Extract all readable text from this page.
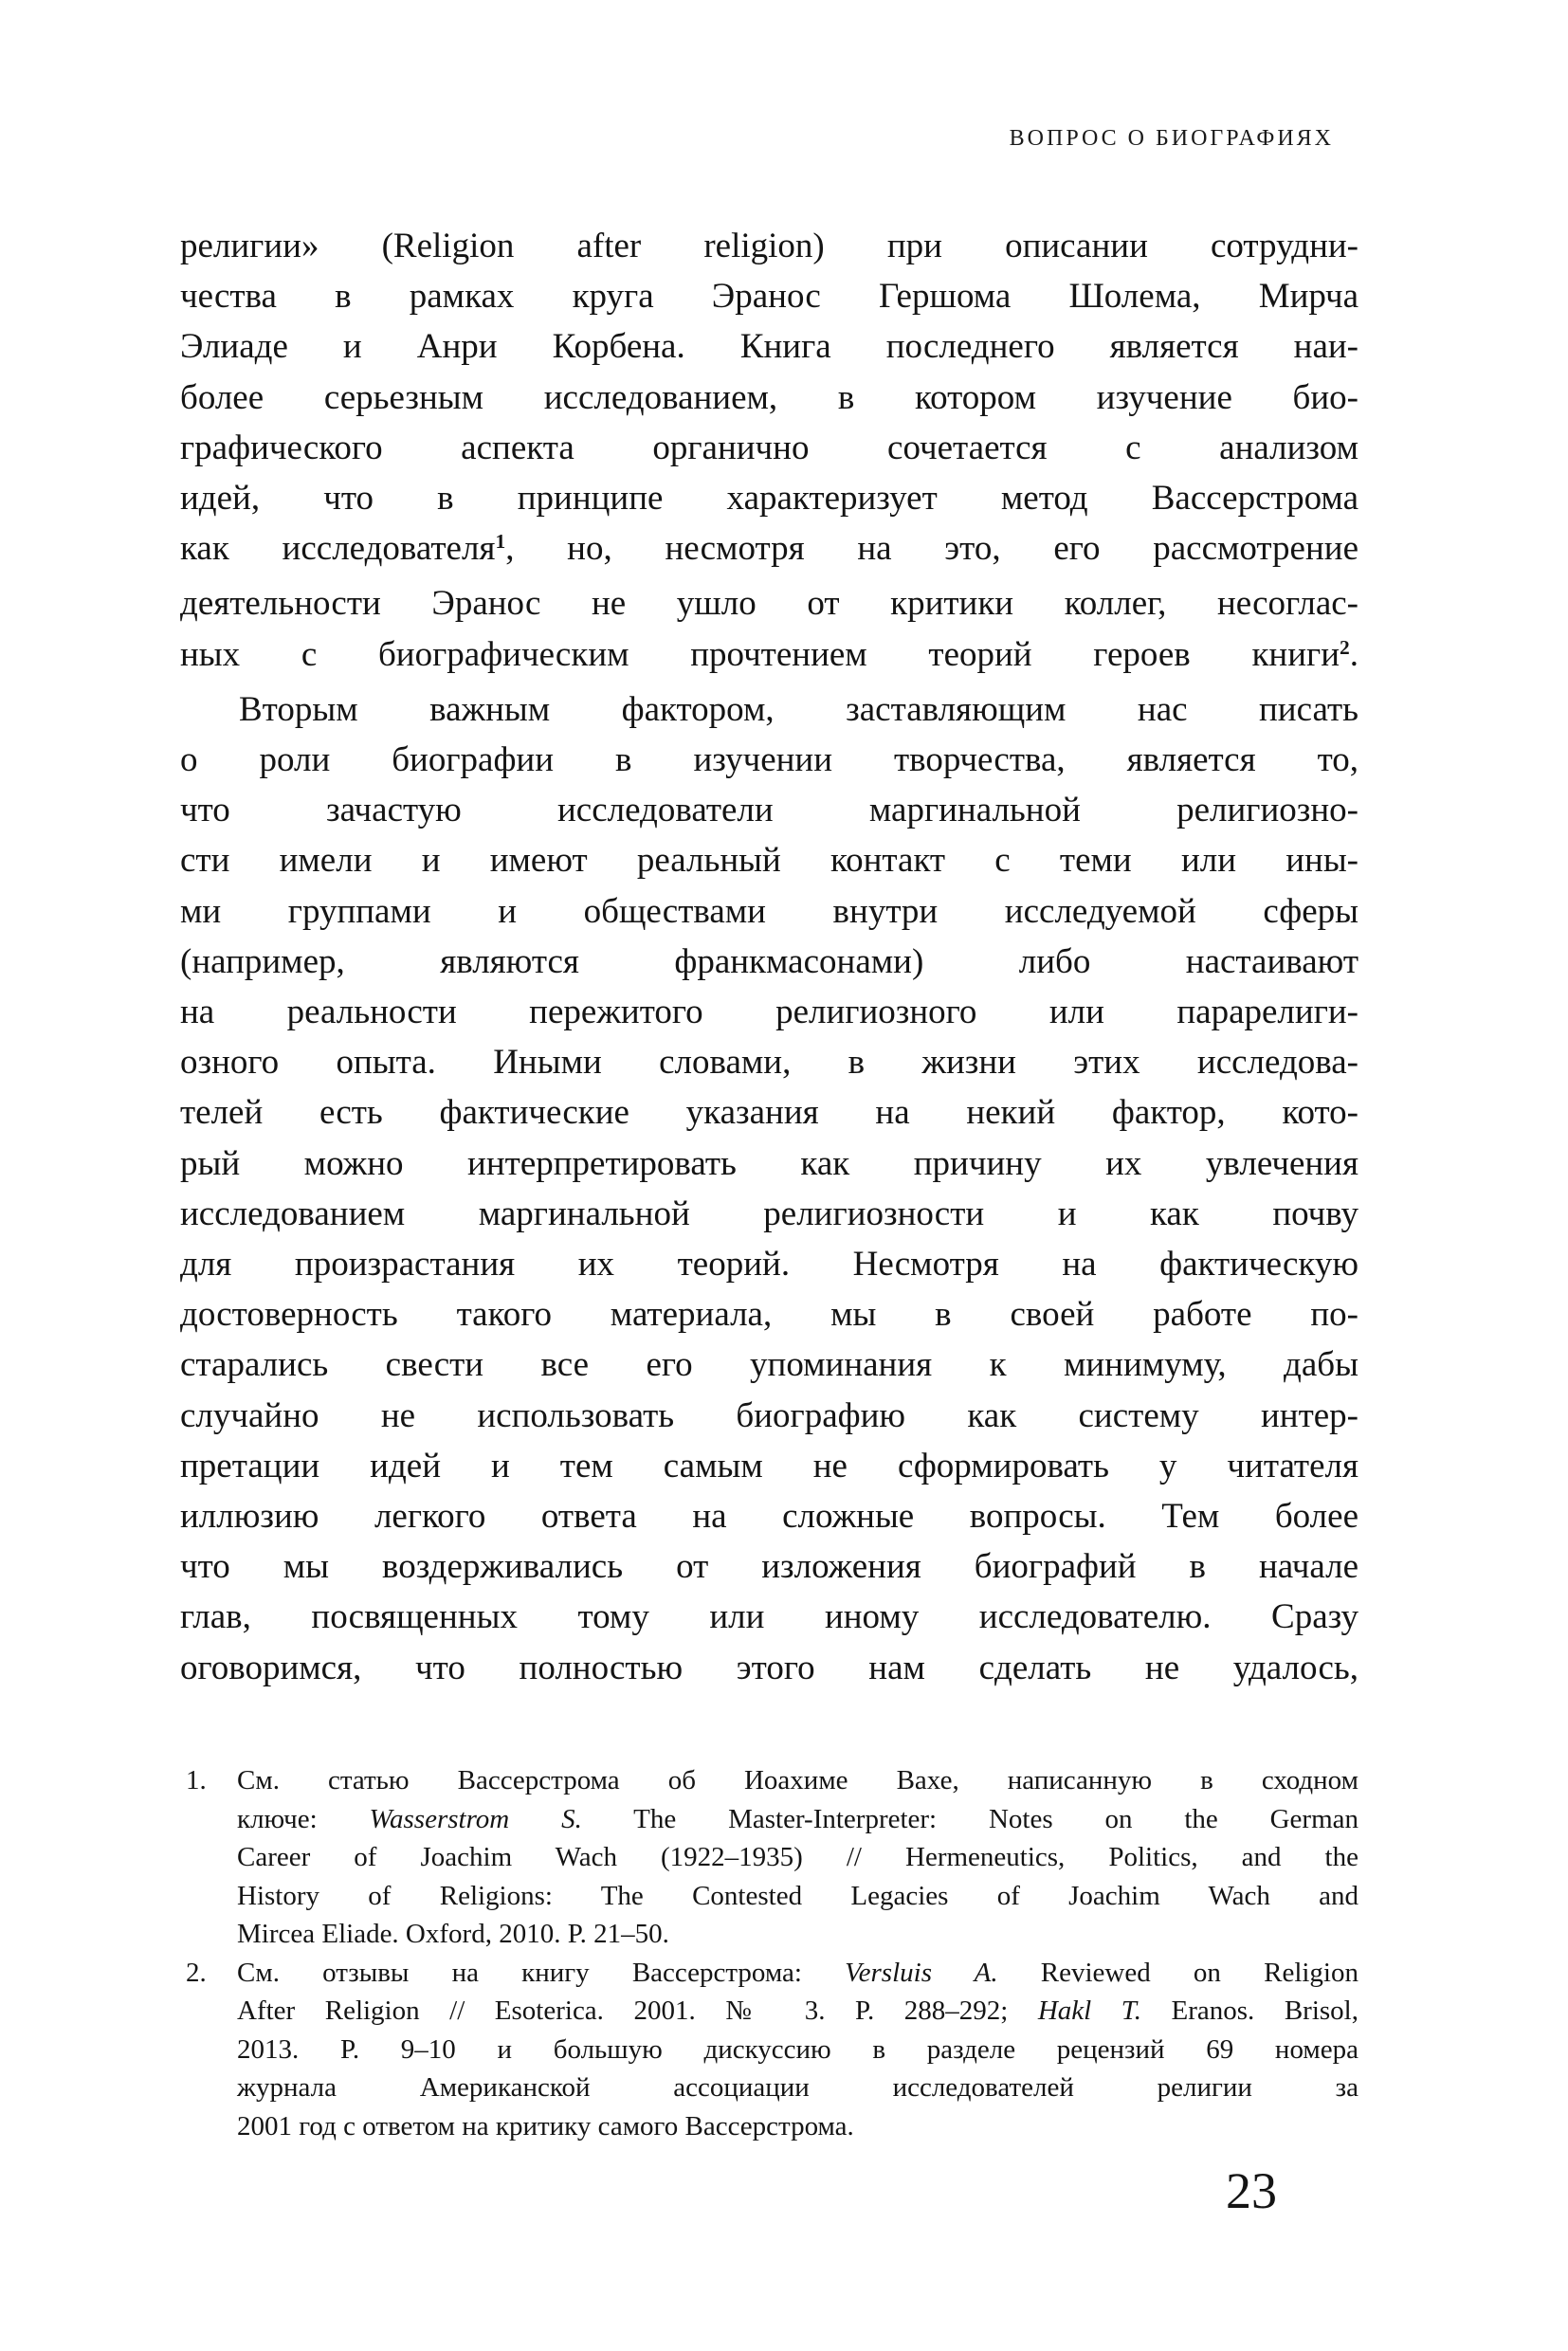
ВОПРОС О БИОГРАФИЯХ
религии» (Religion after religion) при описании сотрудни-
чества в рамках круга Эранос Гершома Шолема, Мирча
Элиаде и Анри Корбена. Книга последнего является наи-
более серьезным исследованием, в котором изучение био-
графического аспекта органично сочетается с анализом
идей, что в принципе характеризует метод Вассерстрома
как исследователя$^1$, но, несмотря на это, его рассмотрение
деятельности Эранос не ушло от критики коллег, несоглас-
ных с биографическим прочтением теорий героев книги$^2$.
Вторым важным фактором, заставляющим нас писать
о роли биографии в изучении творчества, является то,
что зачастую исследователи маргинальной религиозно-
сти имели и имеют реальный контакт с теми или ины-
ми группами и обществами внутри исследуемой сферы
(например, являются франкмасонами) либо настаивают
на реальности пережитого религиозного или парарелиги-
озного опыта. Иными словами, в жизни этих исследова-
телей есть фактические указания на некий фактор, кото-
рый можно интерпретировать как причину их увлечения
исследованием маргинальной религиозности и как почву
для произрастания их теорий. Несмотря на фактическую
достоверность такого материала, мы в своей работе по-
старались свести все его упоминания к минимуму, дабы
случайно не использовать биографию как систему интер-
претации идей и тем самым не сформировать у читателя
иллюзию легкого ответа на сложные вопросы. Тем более
что мы воздерживались от изложения биографий в начале
глав, посвященных тому или иному исследователю. Сразу
оговоримся, что полностью этого нам сделать не удалось,
1. См. статью Вассерстрома об Иоахиме Вахе, написанную в сходном
ключе: Wasserstrom S. The Master-Interpreter: Notes on the German
Career of Joachim Wach (1922–1935) // Hermeneutics, Politics, and the
History of Religions: The Contested Legacies of Joachim Wach and
Mircea Eliade. Oxford, 2010. P. 21–50.
2. См. отзывы на книгу Вассерстрома: Versluis A. Reviewed on Religion
After Religion // Esoterica. 2001. № 3. P. 288–292; Hakl T. Eranos. Brisol,
2013. P. 9–10 и большую дискуссию в разделе рецензий 69 номера
журнала Американской ассоциации исследователей религии за
2001 год с ответом на критику самого Вассерстрома.
23
